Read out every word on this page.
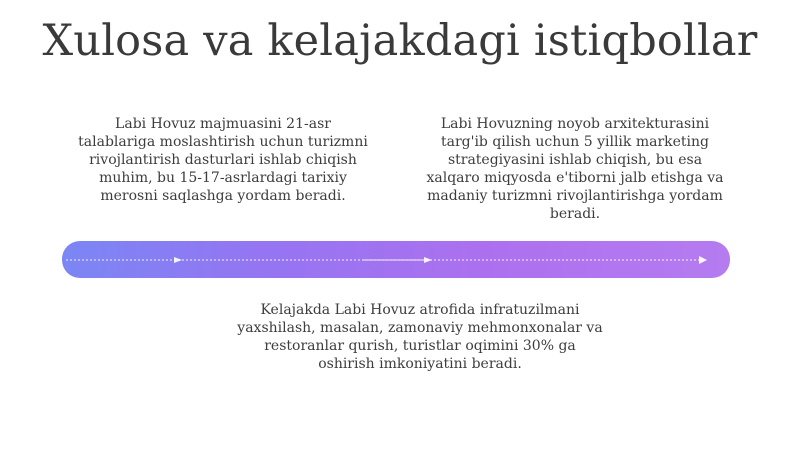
Xulosa va kelajakdagi istiqbollar
Labi Hovuz majmuasini 21-asr talablariga moslashtirish uchun turizmni rivojlantirish dasturlari ishlab chiqish muhim, bu 15-17-asrlardagi tarixiy merosni saqlashga yordam beradi.
Labi Hovuzning noyob arxitekturasini targ'ib qilish uchun 5 yillik marketing strategiyasini ishlab chiqish, bu esa xalqaro miqyosda e'tiborni jalb etishga va madaniy turizmni rivojlantirishga yordam beradi.
Kelajakda Labi Hovuz atrofida infratuzilmani yaxshilash, masalan, zamonaviy mehmonxonalar va restoranlar qurish, turistlar oqimini 30% ga oshirish imkoniyatini beradi.
